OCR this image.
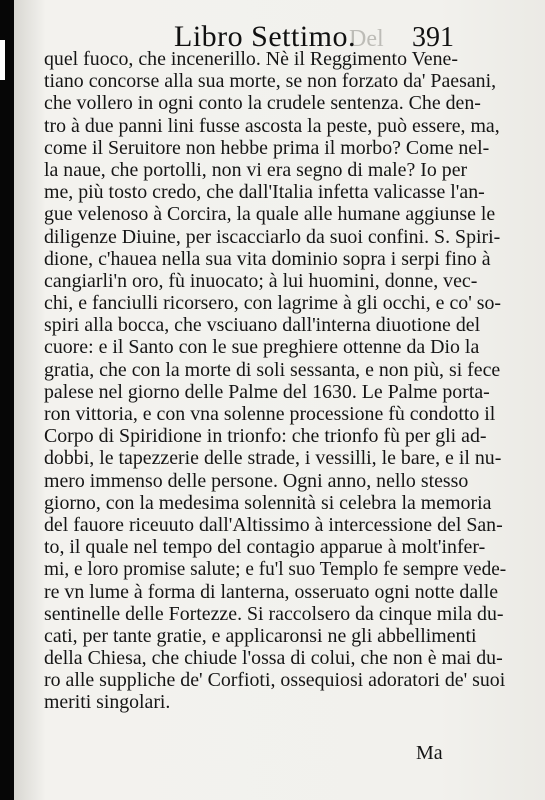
Del
Libro Settimo. 391
quel fuoco, che incenerillo. Nè il Reggimento Vene-
tiano concorse alla sua morte, se non forzato da' Paesani,
che vollero in ogni conto la crudele sentenza. Che den-
tro à due panni lini fusse ascosta la peste, può essere, ma,
come il Seruitore non hebbe prima il morbo? Come nel-
la naue, che portolli, non vi era segno di male? Io per
me, più tosto credo, che dall'Italia infetta valicasse l'an-
gue velenoso à Corcira, la quale alle humane aggiunse le
diligenze Diuine, per iscacciarlo da suoi confini. S. Spiri-
dione, c'hauea nella sua vita dominio sopra i serpi fino à
cangiarli'n oro, fù inuocato; à lui huomini, donne, vec-
chi, e fanciulli ricorsero, con lagrime à gli occhi, e co' so-
spiri alla bocca, che vsciuano dall'interna diuotione del
cuore: e il Santo con le sue preghiere ottenne da Dio la
gratia, che con la morte di soli sessanta, e non più, si fece
palese nel giorno delle Palme del 1630. Le Palme porta-
ron vittoria, e con vna solenne processione fù condotto il
Corpo di Spiridione in trionfo: che trionfo fù per gli ad-
dobbi, le tapezzerie delle strade, i vessilli, le bare, e il nu-
mero immenso delle persone. Ogni anno, nello stesso
giorno, con la medesima solennità si celebra la memoria
del fauore riceuuto dall'Altissimo à intercessione del San-
to, il quale nel tempo del contagio apparue à molt'infer-
mi, e loro promise salute; e fu'l suo Templo fe sempre vede-
re vn lume à forma di lanterna, osseruato ogni notte dalle
sentinelle delle Fortezze. Si raccolsero da cinque mila du-
cati, per tante gratie, e applicaronsi ne gli abbellimenti
della Chiesa, che chiude l'ossa di colui, che non è mai du-
ro alle suppliche de' Corfioti, ossequiosi adoratori de' suoi
meriti singolari.
Ma
